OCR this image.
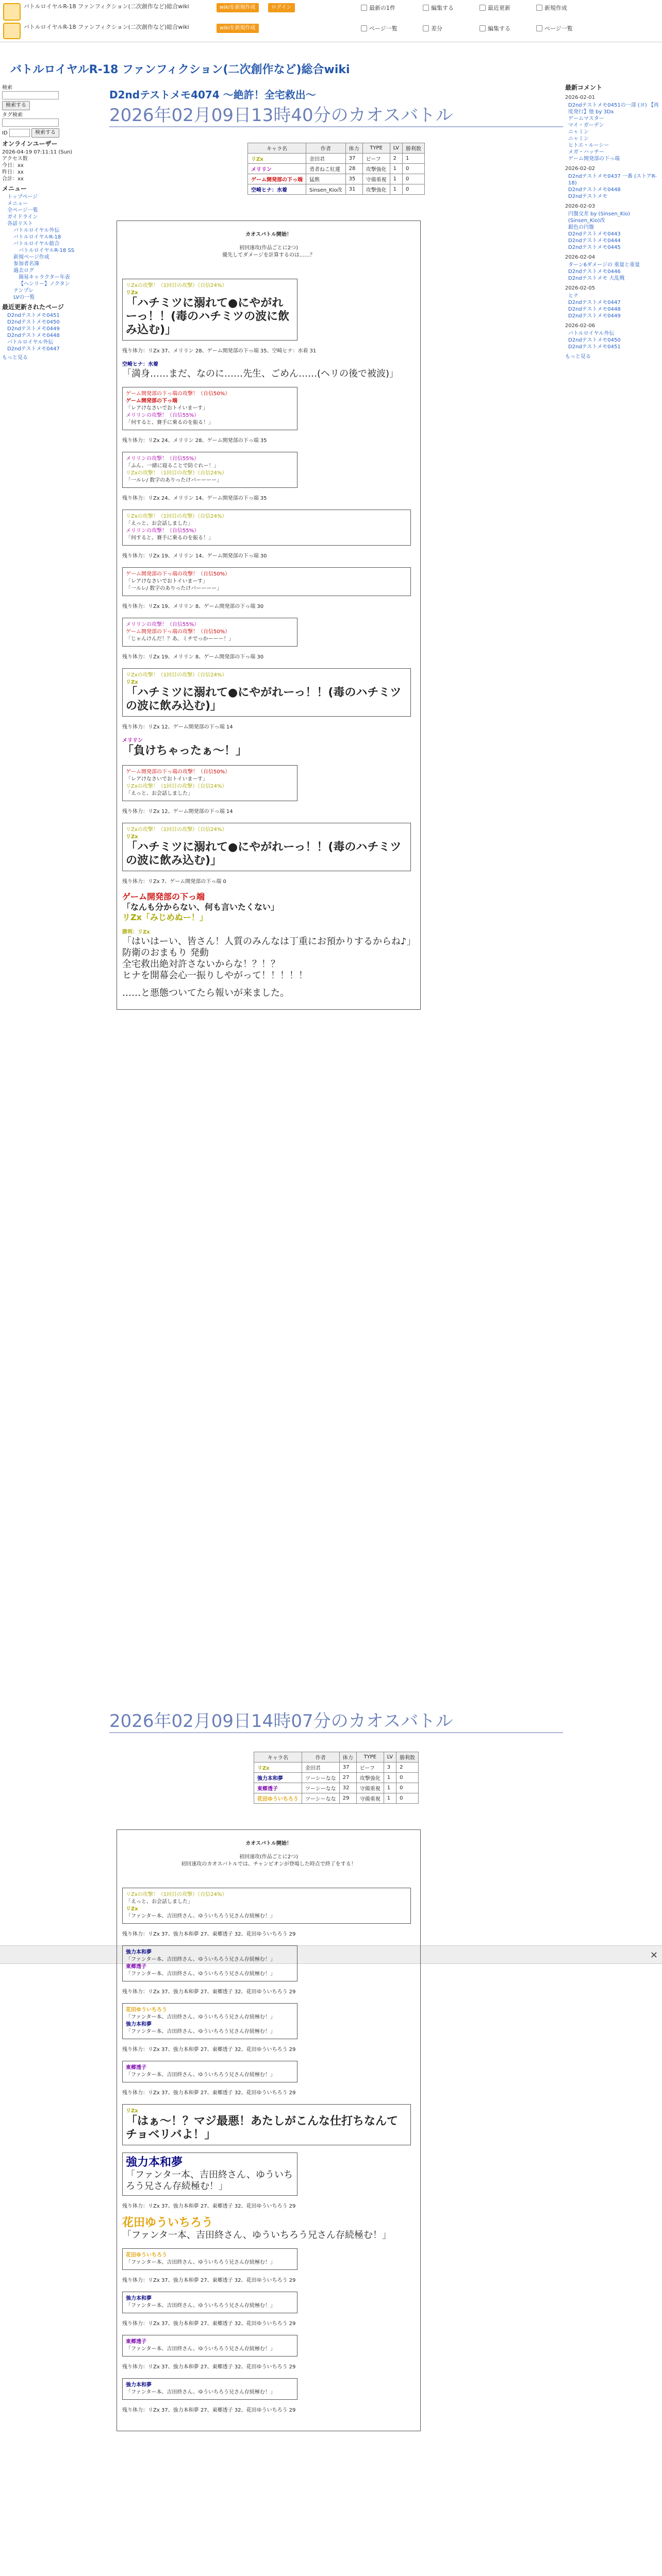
バトルロイヤルR-18 ファンフィクション(二次創作など)総合wiki
バトルロイヤルR-18 ファンフィクション(二次創作など)総合wiki
wikiを新規作成	ログイン
wikiを新規作成
最新の1件	編集する	最近更新	新規作成
ページ一覧	差分	編集する	ページ一覧
バトルロイヤルR-18 ファンフィクション(二次創作など)総合wiki
検索
検索する
タグ検索
ID	検索する
オンラインユーザー
2026-04-19 07:11:11 (Sun)
アクセス数
今日：xx
昨日：xx
合計：xx
メニュー
トップページ
メニュー
全ページ一覧
ガイドライン
各話リスト
バトルロイヤル外伝
バトルロイヤルR-18
バトルロイヤル総合
バトルロイヤルR-18 SS
新規ページ作成
参加者名簿
過去ログ
簡易キャラクター年表
【ヘンリー】ノクタン
テンプレ
LVの一覧
最近更新されたページ
D2ndテストメモ0451
D2ndテストメモ0450
D2ndテストメモ0449
D2ndテストメモ0448
バトルロイヤル外伝
D2ndテストメモ0447
もっと見る
D2ndテストメモ4074 ～絶許！全宅救出～
2026年02月09日13時40分のカオスバトル
キャラ名	作者	体力	TYPE	LV	勝利数
リZx	金田君	37	ビーフ	2	1
メリリン	勇者ねこ紅蓮	28	攻撃強化	1	0
ゲーム開発部の下っ端	猛熊	35	守備重視	1	0
空崎ヒナ：水着	Sinsen_Kio改	31	攻撃強化	1	0
カオスバトル開始！
初回速攻(作品ごとに2つ)
優先してダメージを計算するのは……？
リZxの攻撃！（1回目の攻撃）（自信24%）
リZx
「ハチミツに溺れて●にやがれーっ！！(毒のハチミツの波に飲み込む)」
残り体力：リZx 37、メリリン 28、ゲーム開発部の下っ端 35、空崎ヒナ：水着 31
空崎ヒナ：水着
「満身……まだ、なのに……先生、ごめん……(ヘリの後で被波)」
ゲーム開発部の下っ端の攻撃！（自信50%）
ゲーム開発部の下っ端
「レアけなさいでおトイいまーす」
メリリンの攻撃！（自信55%）
「何すると、賽手に乗るのを振る！」
残り体力：リZx 24、メリリン 28、ゲーム開発部の下っ端 35
メリリンの攻撃！（自信55%）
「ふん、一緒に寝ることで防ぐれー！」
リZxの攻撃！（1回目の攻撃）（自信24%）
「一ルレ/ 数字のありったけバーーーー」
残り体力：リZx 24、メリリン 14、ゲーム開発部の下っ端 35
リZxの攻撃！（1回目の攻撃）（自信24%）
「えっと、お会話しました」
メリリンの攻撃！（自信55%）
「何すると、賽手に乗るのを振る！」
残り体力：リZx 19、メリリン 14、ゲーム開発部の下っ端 30
ゲーム開発部の下っ端の攻撃！（自信50%）
「レアけなさいでおトイいまーす」
「一ルレ/ 数字のありったけバーーーー」
残り体力：リZx 19、メリリン 8、ゲーム開発部の下っ端 30
メリリンの攻撃！（自信55%）
ゲーム開発部の下っ端の攻撃！（自信50%）
「じゃんけんだ！？あ、ミチでっかーーー！」
残り体力：リZx 19、メリリン 8、ゲーム開発部の下っ端 30
リZxの攻撃！（1回目の攻撃）（自信24%）
リZx
「ハチミツに溺れて●にやがれーっ！！(毒のハチミツの波に飲み込む)」
残り体力：リZx 12、ゲーム開発部の下っ端 14
メリリン
「負けちゃったぁ～！」
ゲーム開発部の下っ端の攻撃！（自信50%）
「レアけなさいでおトイいまーす」
リZxの攻撃！（1回目の攻撃）（自信24%）
「えっと、お会話しました」
残り体力：リZx 12、ゲーム開発部の下っ端 14
リZxの攻撃！（1回目の攻撃）（自信24%）
リZx
「ハチミツに溺れて●にやがれーっ！！(毒のハチミツの波に飲み込む)」
残り体力：リZx 7、ゲーム開発部の下っ端 0
ゲーム開発部の下っ端
「なんも分からない、何も言いたくない」
リZx「みじめぬー！」
勝利：リZx
「はいはーい、皆さん！人質のみんなは丁重にお預かりするからね♪」
防衛のおまもり 発動
全宅救出絶対許さないからな！？！？
ヒナを開幕会心一振りしやがって！！！！！
……と悪態ついてたら報いが来ました。
✕
2026年02月09日14時07分のカオスバトル
キャラ名	作者	体力	TYPE	LV	勝利数
リZx	金田君	37	ビーフ	3	2
強力本和夢	ツーシーなな	27	攻撃強化	1	0
東郷透子	ツーシーなな	32	守備重視	1	0
花田ゆういちろう	ツーシーなな	29	守備重視	1	0
カオスバトル開始！
初回速攻(作品ごとに2つ)
初回速攻のカオスバトルでは、チャンピオンが登場した時点で終了をする！
リZxの攻撃！（1回目の攻撃）（自信24%）
「えっと、お会話しました」
リZx
「ファンター本、吉田終さん、ゆういちろう兄さん存続極む！」
残り体力：リZx 37、強力本和夢 27、東郷透子 32、花田ゆういちろう 29
強力本和夢
「ファンター本、吉田終さん、ゆういちろう兄さん存続極む！」
東郷透子
「ファンター本、吉田終さん、ゆういちろう兄さん存続極む！」
残り体力：リZx 37、強力本和夢 27、東郷透子 32、花田ゆういちろう 29
花田ゆういちろう
「ファンター本、吉田終さん、ゆういちろう兄さん存続極む！」
強力本和夢
「ファンター本、吉田終さん、ゆういちろう兄さん存続極む！」
残り体力：リZx 37、強力本和夢 27、東郷透子 32、花田ゆういちろう 29
東郷透子
「ファンター本、吉田終さん、ゆういちろう兄さん存続極む！」
残り体力：リZx 37、強力本和夢 27、東郷透子 32、花田ゆういちろう 29
リZx
「はぁ～！？マジ最悪！あたしがこんな仕打ちなんてチョベリバよ！」
強力本和夢
「ファンタ一本、吉田終さん、ゆういちろう兄さん存続極む！」
残り体力：リZx 37、強力本和夢 27、東郷透子 32、花田ゆういちろう 29
花田ゆういちろう
「ファンタ一本、吉田終さん、ゆういちろう兄さん存続極む！」
花田ゆういちろう
「ファンター本、吉田終さん、ゆういちろう兄さん存続極む！」
残り体力：リZx 37、強力本和夢 27、東郷透子 32、花田ゆういちろう 29
強力本和夢
「ファンター本、吉田終さん、ゆういちろう兄さん存続極む！」
残り体力：リZx 37、強力本和夢 27、東郷透子 32、花田ゆういちろう 29
東郷透子
「ファンター本、吉田終さん、ゆういちろう兄さん存続極む！」
残り体力：リZx 37、強力本和夢 27、東郷透子 32、花田ゆういちろう 29
強力本和夢
「ファンター本、吉田終さん、ゆういちろう兄さん存続極む！」
残り体力：リZx 37、強力本和夢 27、東郷透子 32、花田ゆういちろう 29
最新コメント
2026-02-01
D2ndテストメモ0451の一部 (ヨ) 【再度発行】他 by 3Dx
ゲームマスター
マイ・ガーデン
ニャミン
ニャミン
ヒトエ・ルーシー
メガ・ハッチー
ゲーム開発部の下っ端
2026-02-02
D2ndテストメモ0437 一番 (ストアR-18)
D2ndテストメモ0448
D2ndテストメモ
2026-02-03
円盤交差 by (Sinsen_Kio)
(Sinsen_Kio)改
銀色の円盤
D2ndテストメモ0443
D2ndテストメモ0444
D2ndテストメモ0445
2026-02-04
ターン6ダメージの 重量と重量
D2ndテストメモ0446
D2ndテストメモ 大乱戦
2026-02-05
ヒナ
D2ndテストメモ0447
D2ndテストメモ0448
D2ndテストメモ0449
2026-02-06
バトルロイヤル外伝
D2ndテストメモ0450
D2ndテストメモ0451
もっと見る
